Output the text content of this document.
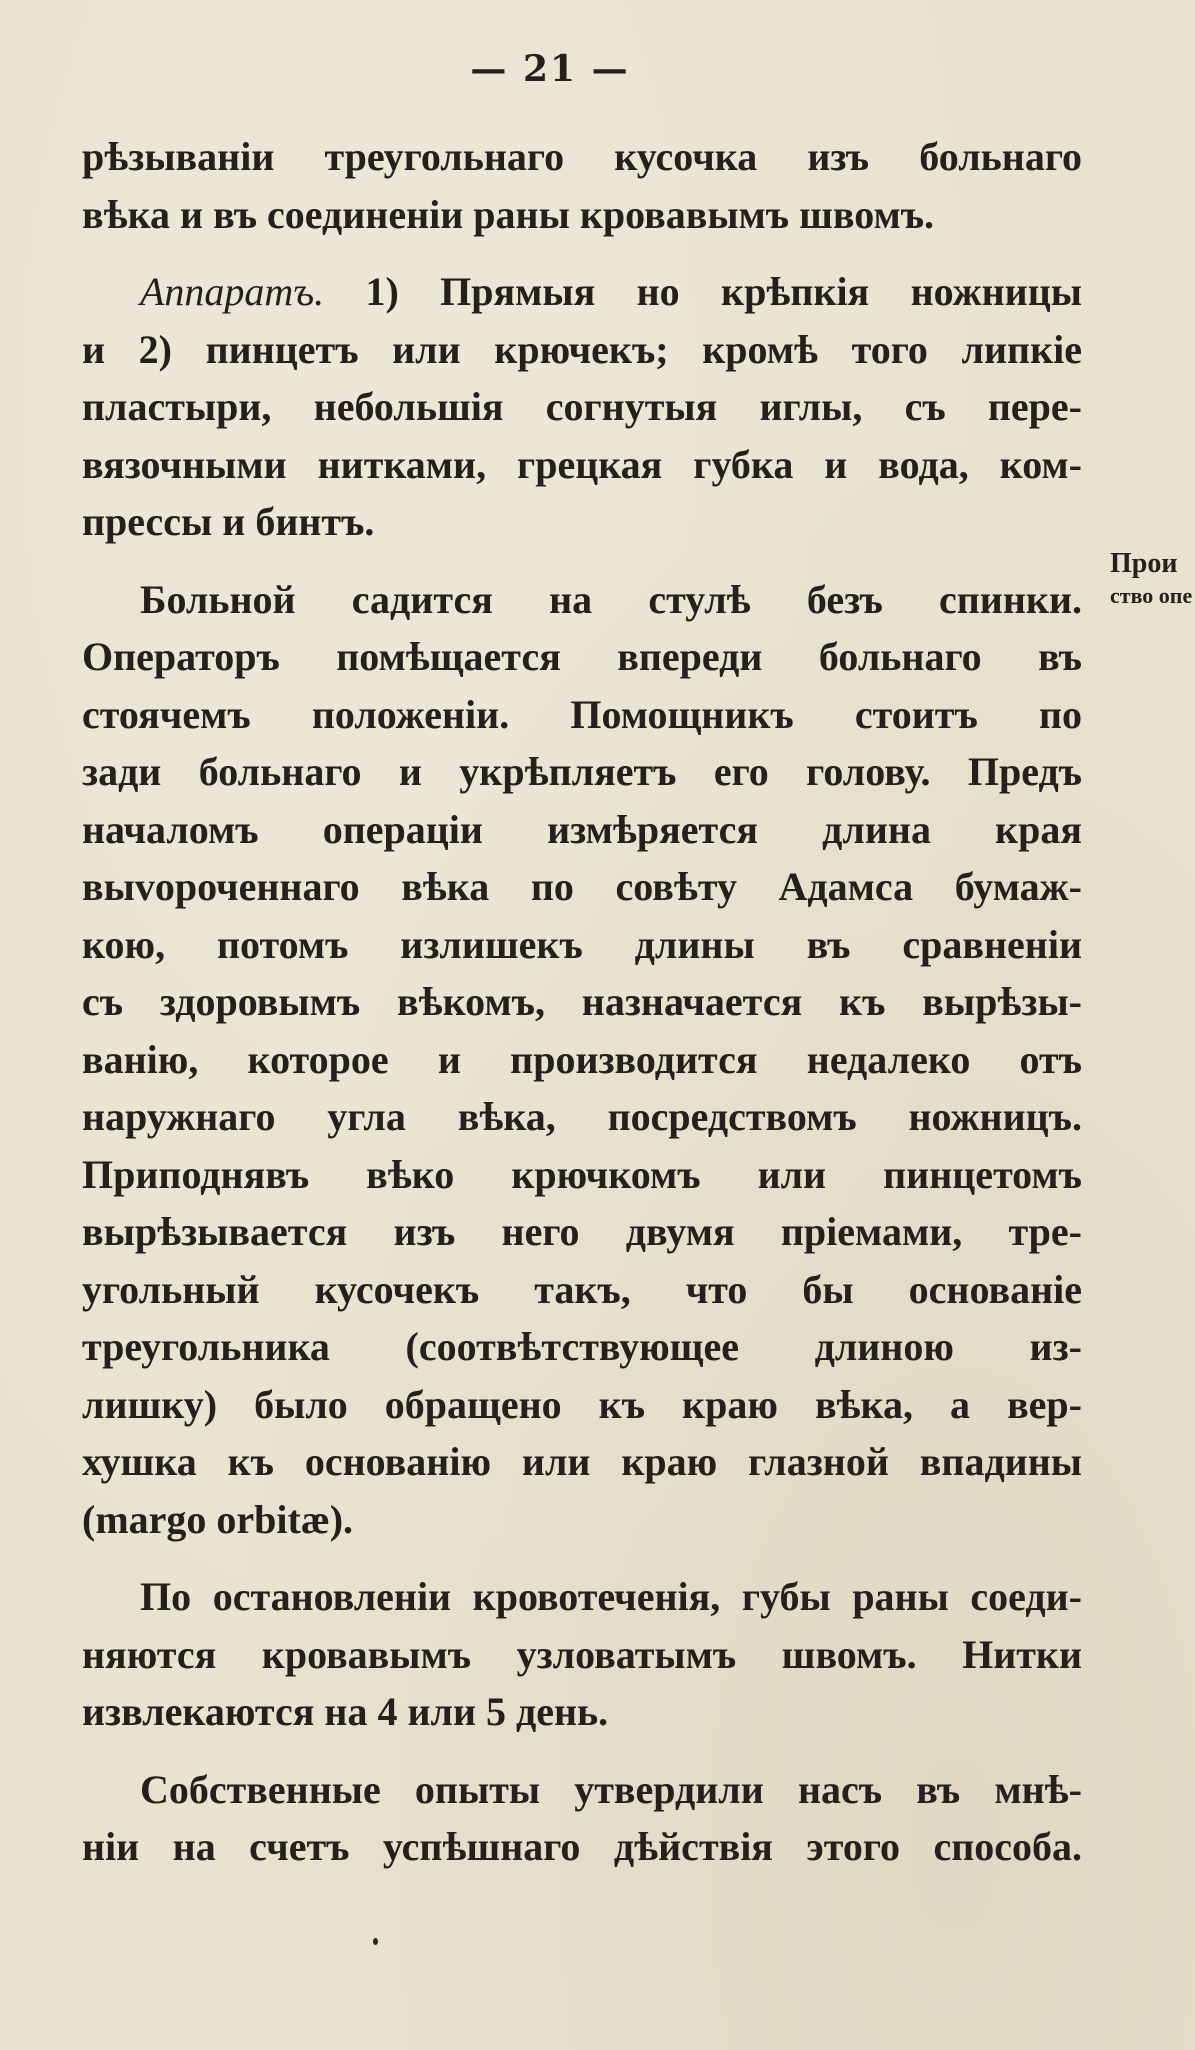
— 21 —

рѣзываніи треугольнаго кусочка изъ больнаго
вѣка и въ соединеніи раны кровавымъ швомъ.

Аппаратъ. 1) Прямыя но крѣпкія ножницы
и 2) пинцетъ или крючекъ; кромѣ того липкіе
пластыри, небольшія согнутыя иглы, съ пере-
вязочными нитками, грецкая губка и вода, ком-
прессы и бинтъ.

Больной садится на стулѣ безъ спинки.
Операторъ помѣщается впереди больнаго въ
стоячемъ положеніи. Помощникъ стоитъ по
зади больнаго и укрѣпляетъ его голову. Предъ
началомъ операціи измѣряется длина края
выvороченнаго вѣка по совѣту Адамса бумаж-
кою, потомъ излишекъ длины въ сравненіи
съ здоровымъ вѣкомъ, назначается къ вырѣзы-
ванію, которое и производится недалеко отъ
наружнаго угла вѣка, посредствомъ ножницъ.
Приподнявъ вѣко крючкомъ или пинцетомъ
вырѣзывается изъ него двумя пріемами, тре-
угольный кусочекъ такъ, что бы основаніе
треугольника (соотвѣтствующее длиною из-
лишку) было обращено къ краю вѣка, а вер-
хушка къ основанію или краю глазной впадины
(margo orbitæ).

По остановленіи кровотеченія, губы раны соеди-
няются кровавымъ узловатымъ швомъ. Нитки
извлекаются на 4 или 5 день.

Собственные опыты утвердили насъ въ мнѣ-
ніи на счетъ успѣшнаго дѣйствія этого способа.

Прои
ство опе
